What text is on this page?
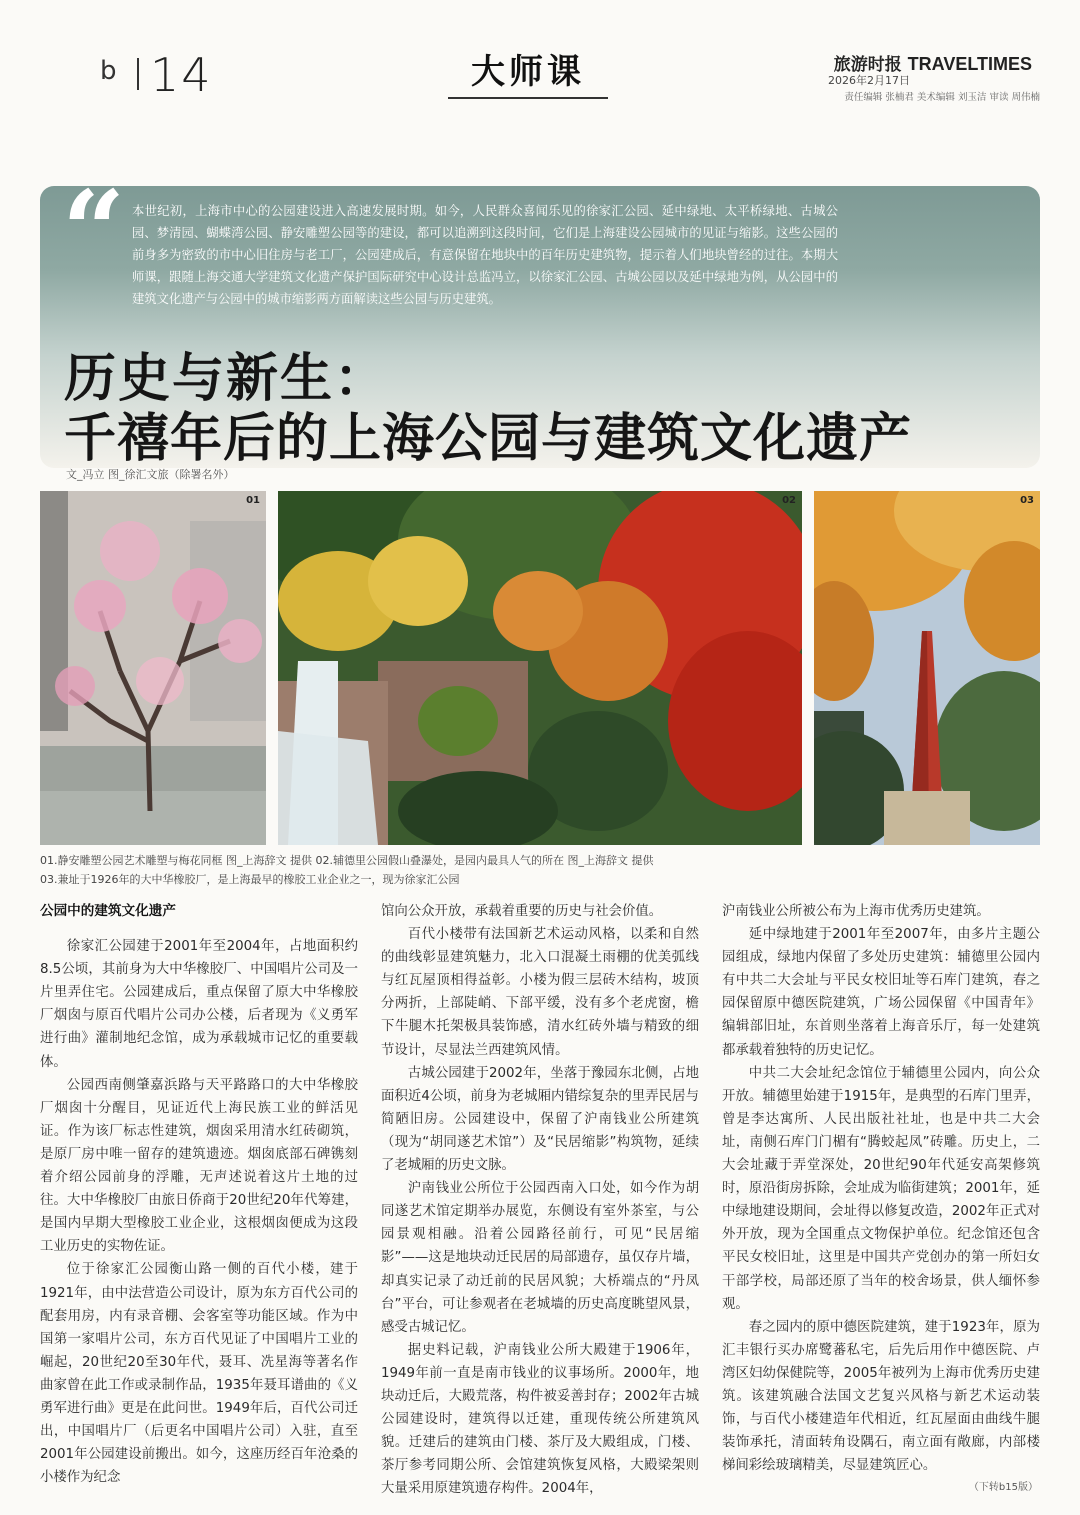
b 14	大师课	旅游时报 TRAVELTIMES
2026年2月17日
责任编辑 张楠君 美术编辑 刘玉洁 审读 周伟楠
“ 本世纪初，上海市中心的公园建设进入高速发展时期。如今，人民群众喜闻乐见的徐家汇公园、延中绿地、太平桥绿地、古城公园、梦清园、蝴蝶湾公园、静安雕塑公园等的建设，都可以追溯到这段时间，它们是上海建设公园城市的见证与缩影。这些公园的前身多为密致的市中心旧住房与老工厂，公园建成后，有意保留在地块中的百年历史建筑物，提示着人们地块曾经的过往。本期大师课，跟随上海交通大学建筑文化遗产保护国际研究中心设计总监冯立，以徐家汇公园、古城公园以及延中绿地为例，从公园中的建筑文化遗产与公园中的城市缩影两方面解读这些公园与历史建筑。
历史与新生：
千禧年后的上海公园与建筑文化遗产
文_冯立 图_徐汇文旅（除署名外）
01	02	03
01.静安雕塑公园艺术雕塑与梅花同框 图_上海辞文 提供 02.辅德里公园假山叠瀑处，是园内最具人气的所在 图_上海辞文 提供
03.兼址于1926年的大中华橡胶厂，是上海最早的橡胶工业企业之一，现为徐家汇公园

公园中的建筑文化遗产

徐家汇公园建于2001年至2004年，占地面积约8.5公顷，其前身为大中华橡胶厂、中国唱片公司及一片里弄住宅。公园建成后，重点保留了原大中华橡胶厂烟囱与原百代唱片公司办公楼，后者现为《义勇军进行曲》灌制地纪念馆，成为承载城市记忆的重要载体。

公园西南侧肇嘉浜路与天平路路口的大中华橡胶厂烟囱十分醒目，见证近代上海民族工业的鲜活见证。作为该厂标志性建筑，烟囱采用清水红砖砌筑，是原厂房中唯一留存的建筑遗迹。烟囱底部石碑镌刻着介绍公园前身的浮雕，无声述说着这片土地的过往。大中华橡胶厂由旅日侨商于20世纪20年代筹建，是国内早期大型橡胶工业企业，这根烟囱便成为这段工业历史的实物佐证。

位于徐家汇公园衡山路一侧的百代小楼，建于1921年，由中法营造公司设计，原为东方百代公司的配套用房，内有录音棚、会客室等功能区域。作为中国第一家唱片公司，东方百代见证了中国唱片工业的崛起，20世纪20至30年代，聂耳、冼星海等著名作曲家曾在此工作或录制作品，1935年聂耳谱曲的《义勇军进行曲》更是在此问世。1949年后，百代公司迁出，中国唱片厂（后更名中国唱片公司）入驻，直至2001年公园建设前搬出。如今，这座历经百年沧桑的小楼作为纪念

馆向公众开放，承载着重要的历史与社会价值。

百代小楼带有法国新艺术运动风格，以柔和自然的曲线彰显建筑魅力，北入口混凝土雨棚的优美弧线与红瓦屋顶相得益彰。小楼为假三层砖木结构，坡顶分两折，上部陡峭、下部平缓，没有多个老虎窗，檐下牛腿木托架极具装饰感，清水红砖外墙与精致的细节设计，尽显法兰西建筑风情。

古城公园建于2002年，坐落于豫园东北侧，占地面积近4公顷，前身为老城厢内错综复杂的里弄民居与简陋旧房。公园建设中，保留了沪南钱业公所建筑（现为“胡同遂艺术馆”）及“民居缩影”构筑物，延续了老城厢的历史文脉。

沪南钱业公所位于公园西南入口处，如今作为胡同遂艺术馆定期举办展览，东侧设有室外茶室，与公园景观相融。沿着公园路径前行，可见“民居缩影”——这是地块动迁民居的局部遗存，虽仅存片墙，却真实记录了动迁前的民居风貌；大桥端点的“丹凤台”平台，可让参观者在老城墙的历史高度眺望风景，感受古城记忆。

据史料记载，沪南钱业公所大殿建于1906年，1949年前一直是南市钱业的议事场所。2000年，地块动迁后，大殿荒落，构件被妥善封存；2002年古城公园建设时，建筑得以迁建，重现传统公所建筑风貌。迁建后的建筑由门楼、茶厅及大殿组成，门楼、茶厅参考同期公所、会馆建筑恢复风格，大殿梁架则大量采用原建筑遗存构件。2004年，

沪南钱业公所被公布为上海市优秀历史建筑。

延中绿地建于2001年至2007年，由多片主题公园组成，绿地内保留了多处历史建筑：辅德里公园内有中共二大会址与平民女校旧址等石库门建筑，春之园保留原中德医院建筑，广场公园保留《中国青年》编辑部旧址，东首则坐落着上海音乐厅，每一处建筑都承载着独特的历史记忆。

中共二大会址纪念馆位于辅德里公园内，向公众开放。辅德里始建于1915年，是典型的石库门里弄，曾是李达寓所、人民出版社社址，也是中共二大会址，南侧石库门门楣有“腾蛟起凤”砖雕。历史上，二大会址藏于弄堂深处，20世纪90年代延安高架修筑时，原沿街房拆除，会址成为临街建筑；2001年，延中绿地建设期间，会址得以修复改造，2002年正式对外开放，现为全国重点文物保护单位。纪念馆还包含平民女校旧址，这里是中国共产党创办的第一所妇女干部学校，局部还原了当年的校舍场景，供人缅怀参观。

春之园内的原中德医院建筑，建于1923年，原为汇丰银行买办席鹭蕃私宅，后先后用作中德医院、卢湾区妇幼保健院等，2005年被列为上海市优秀历史建筑。该建筑融合法国文艺复兴风格与新艺术运动装饰，与百代小楼建造年代相近，红瓦屋面由曲线牛腿装饰承托，清面转角设隅石，南立面有敞廊，内部楼梯间彩绘玻璃精美，尽显建筑匠心。

（下转b15版）
